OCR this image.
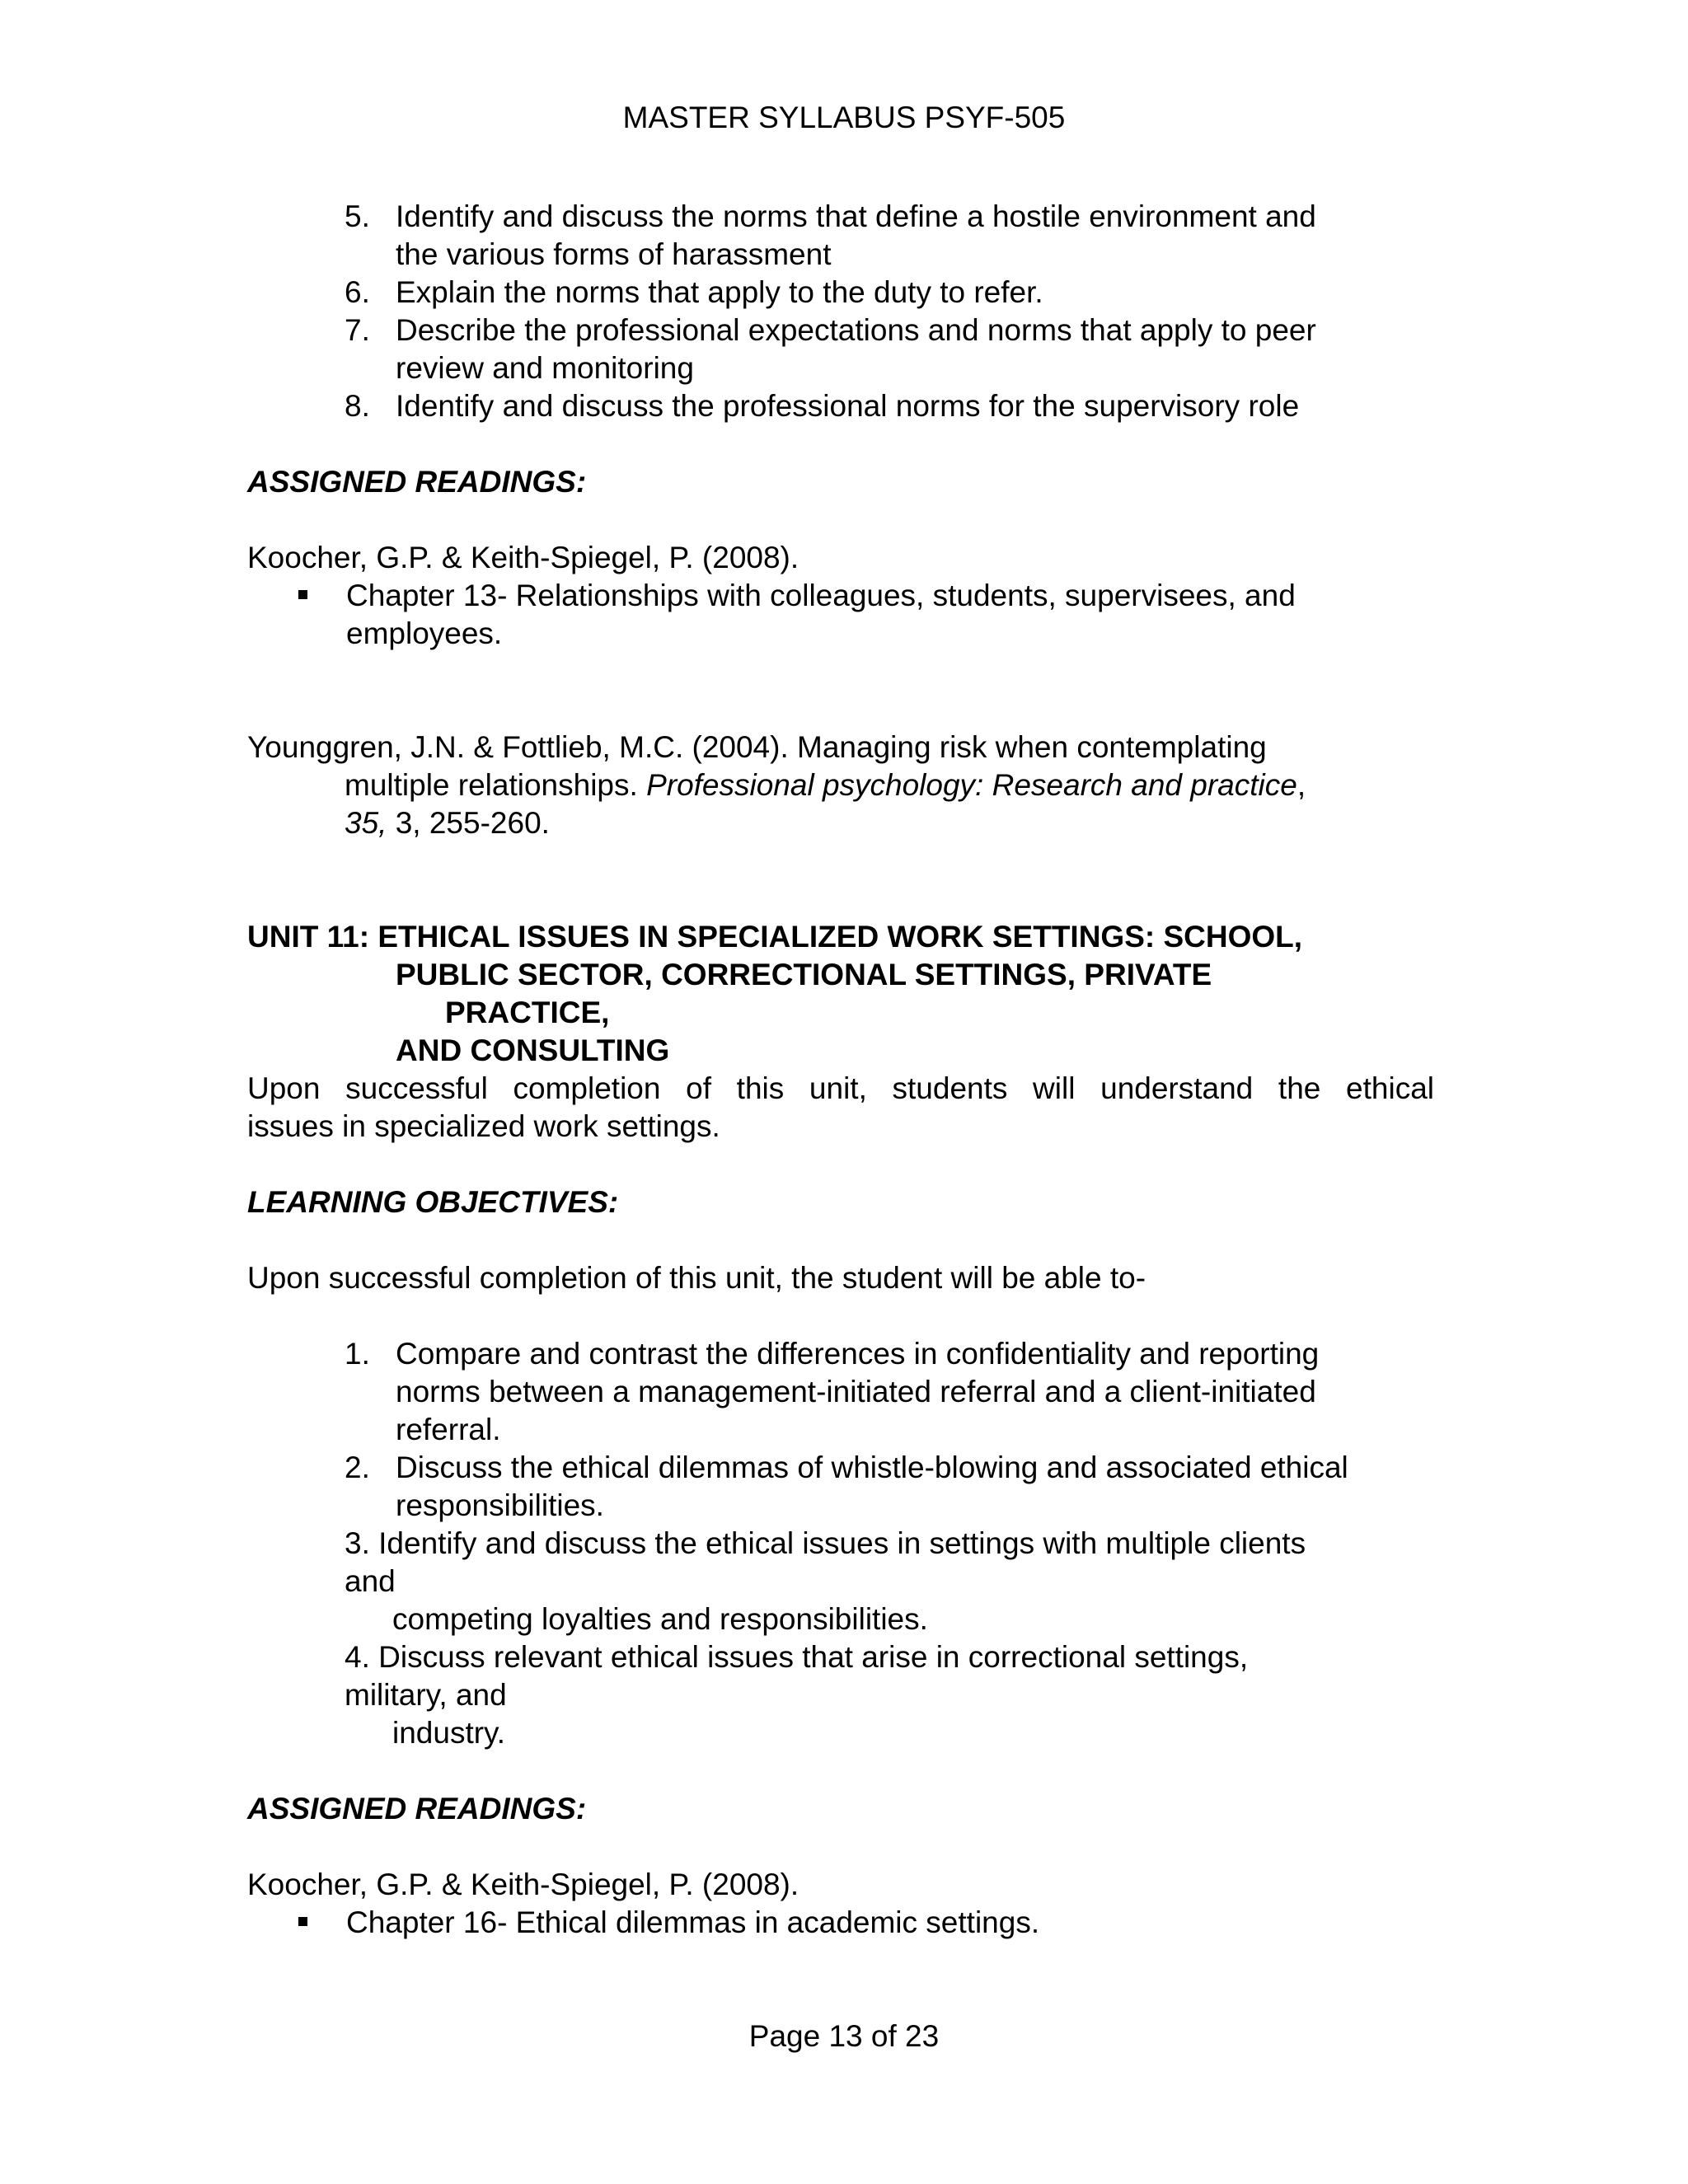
MASTER SYLLABUS PSYF-505
5. Identify and discuss the norms that define a hostile environment and
the various forms of harassment
6. Explain the norms that apply to the duty to refer.
7. Describe the professional expectations and norms that apply to peer
review and monitoring
8. Identify and discuss the professional norms for the supervisory role
ASSIGNED READINGS:
Koocher, G.P. & Keith-Spiegel, P. (2008).
Chapter 13- Relationships with colleagues, students, supervisees, and
employees.
Younggren, J.N. & Fottlieb, M.C. (2004). Managing risk when contemplating
multiple relationships. Professional psychology: Research and practice,
35, 3, 255-260.
UNIT 11: ETHICAL ISSUES IN SPECIALIZED WORK SETTINGS: SCHOOL,
PUBLIC SECTOR, CORRECTIONAL SETTINGS, PRIVATE
PRACTICE,
AND CONSULTING
Upon successful completion of this unit, students will understand the ethical
issues in specialized work settings.
LEARNING OBJECTIVES:
Upon successful completion of this unit, the student will be able to-
1. Compare and contrast the differences in confidentiality and reporting
norms between a management-initiated referral and a client-initiated
referral.
2. Discuss the ethical dilemmas of whistle-blowing and associated ethical
responsibilities.
3. Identify and discuss the ethical issues in settings with multiple clients
and
competing loyalties and responsibilities.
4. Discuss relevant ethical issues that arise in correctional settings,
military, and
industry.
ASSIGNED READINGS:
Koocher, G.P. & Keith-Spiegel, P. (2008).
Chapter 16- Ethical dilemmas in academic settings.
Page 13 of 23
